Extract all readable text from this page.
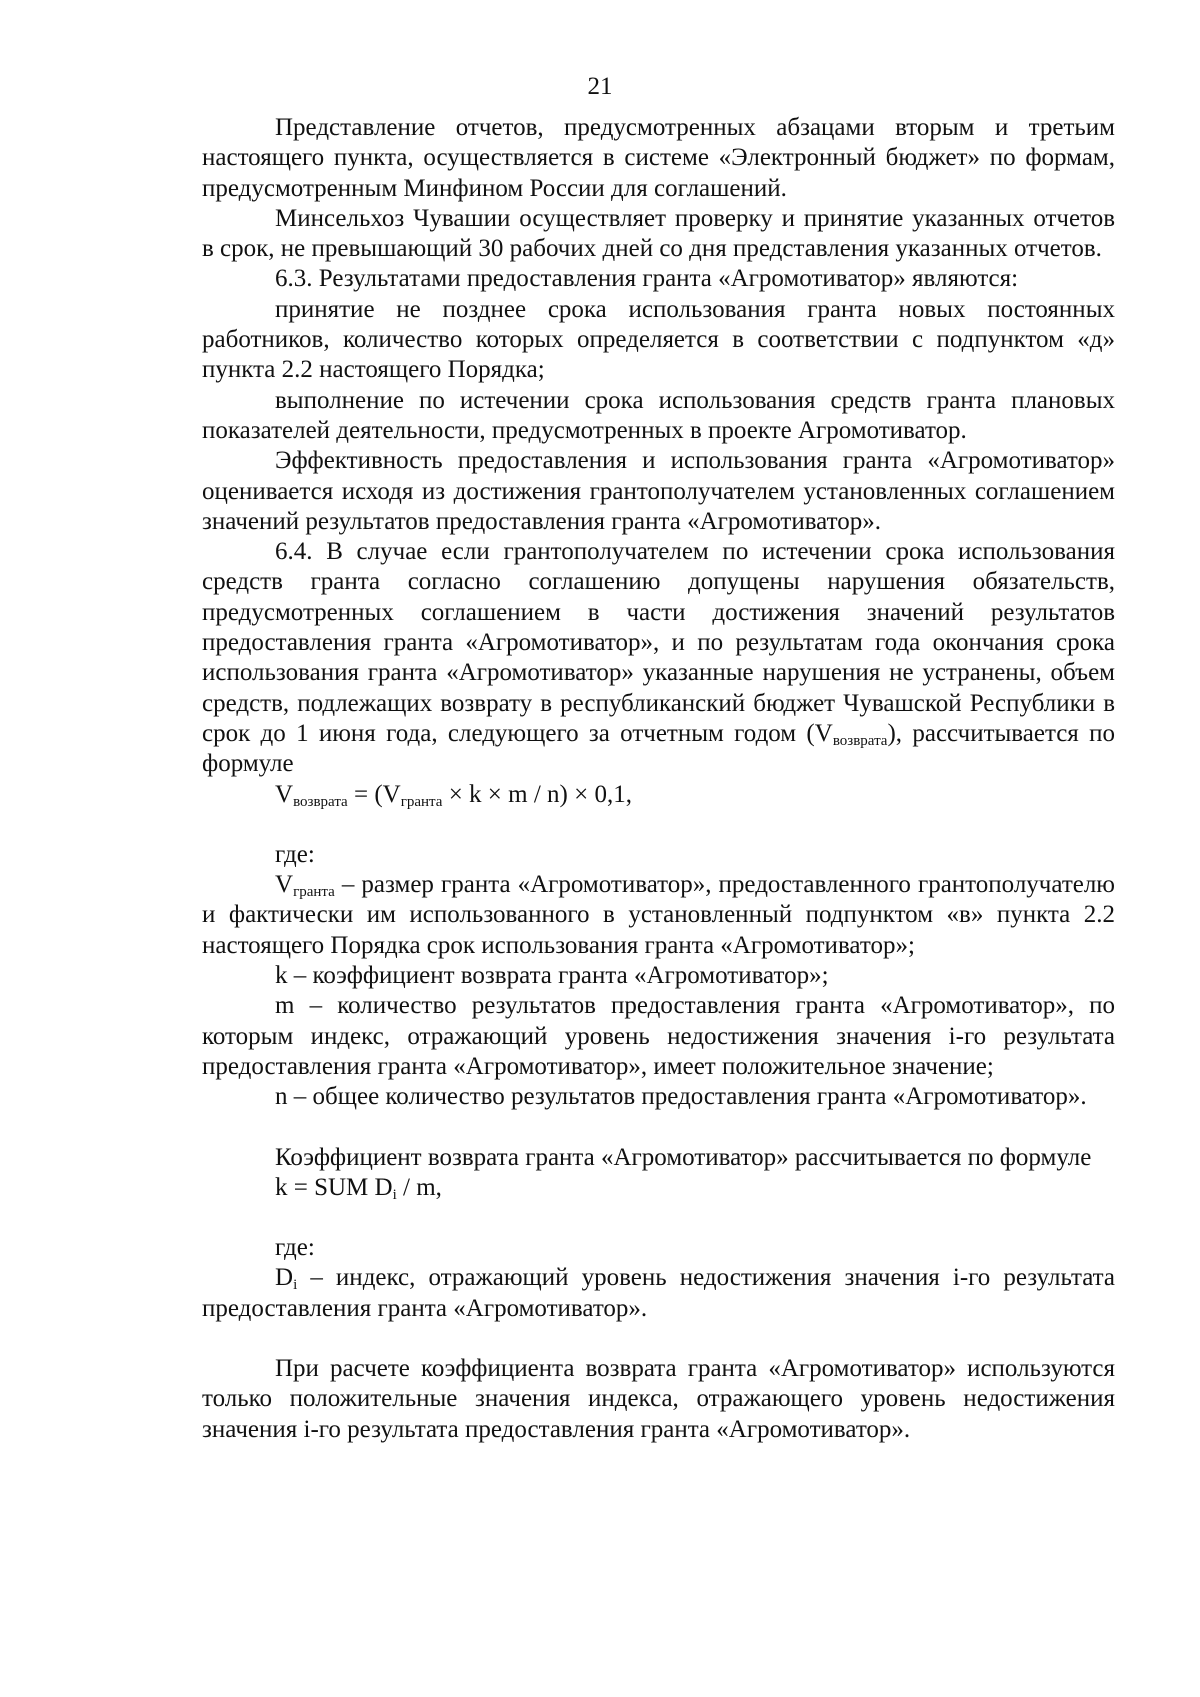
21

Представление отчетов, предусмотренных абзацами вторым и третьим настоящего пункта, осуществляется в системе «Электронный бюджет» по формам, предусмотренным Минфином России для соглашений.

Минсельхоз Чувашии осуществляет проверку и принятие указанных отчетов в срок, не превышающий 30 рабочих дней со дня представления указанных отчетов.

6.3. Результатами предоставления гранта «Агромотиватор» являются:

принятие не позднее срока использования гранта новых постоянных работников, количество которых определяется в соответствии с подпунктом «д» пункта 2.2 настоящего Порядка;

выполнение по истечении срока использования средств гранта плановых показателей деятельности, предусмотренных в проекте Агромотиватор.

Эффективность предоставления и использования гранта «Агромотиватор» оценивается исходя из достижения грантополучателем установленных соглашением значений результатов предоставления гранта «Агромотиватор».

6.4. В случае если грантополучателем по истечении срока использования средств гранта согласно соглашению допущены нарушения обязательств, предусмотренных соглашением в части достижения значений результатов предоставления гранта «Агромотиватор», и по результатам года окончания срока использования гранта «Агромотиватор» указанные нарушения не устранены, объем средств, подлежащих возврату в республиканский бюджет Чувашской Республики в срок до 1 июня года, следующего за отчетным годом $(V_{возврата})$, рассчитывается по формуле

$V_{возврата} = (V_{гранта} \times k \times m / n) \times 0,1$,

где:

$V_{гранта}$ – размер гранта «Агромотиватор», предоставленного грантополучателю и фактически им использованного в установленный подпунктом «в» пункта 2.2 настоящего Порядка срок использования гранта «Агромотиватор»;

k – коэффициент возврата гранта «Агромотиватор»;

m – количество результатов предоставления гранта «Агромотиватор», по которым индекс, отражающий уровень недостижения значения i-го результата предоставления гранта «Агромотиватор», имеет положительное значение;

n – общее количество результатов предоставления гранта «Агромотиватор».

Коэффициент возврата гранта «Агромотиватор» рассчитывается по формуле

k = SUM $D_i$ / m,

где:

$D_i$ – индекс, отражающий уровень недостижения значения i-го результата предоставления гранта «Агромотиватор».

При расчете коэффициента возврата гранта «Агромотиватор» используются только положительные значения индекса, отражающего уровень недостижения значения i-го результата предоставления гранта «Агромотиватор».
